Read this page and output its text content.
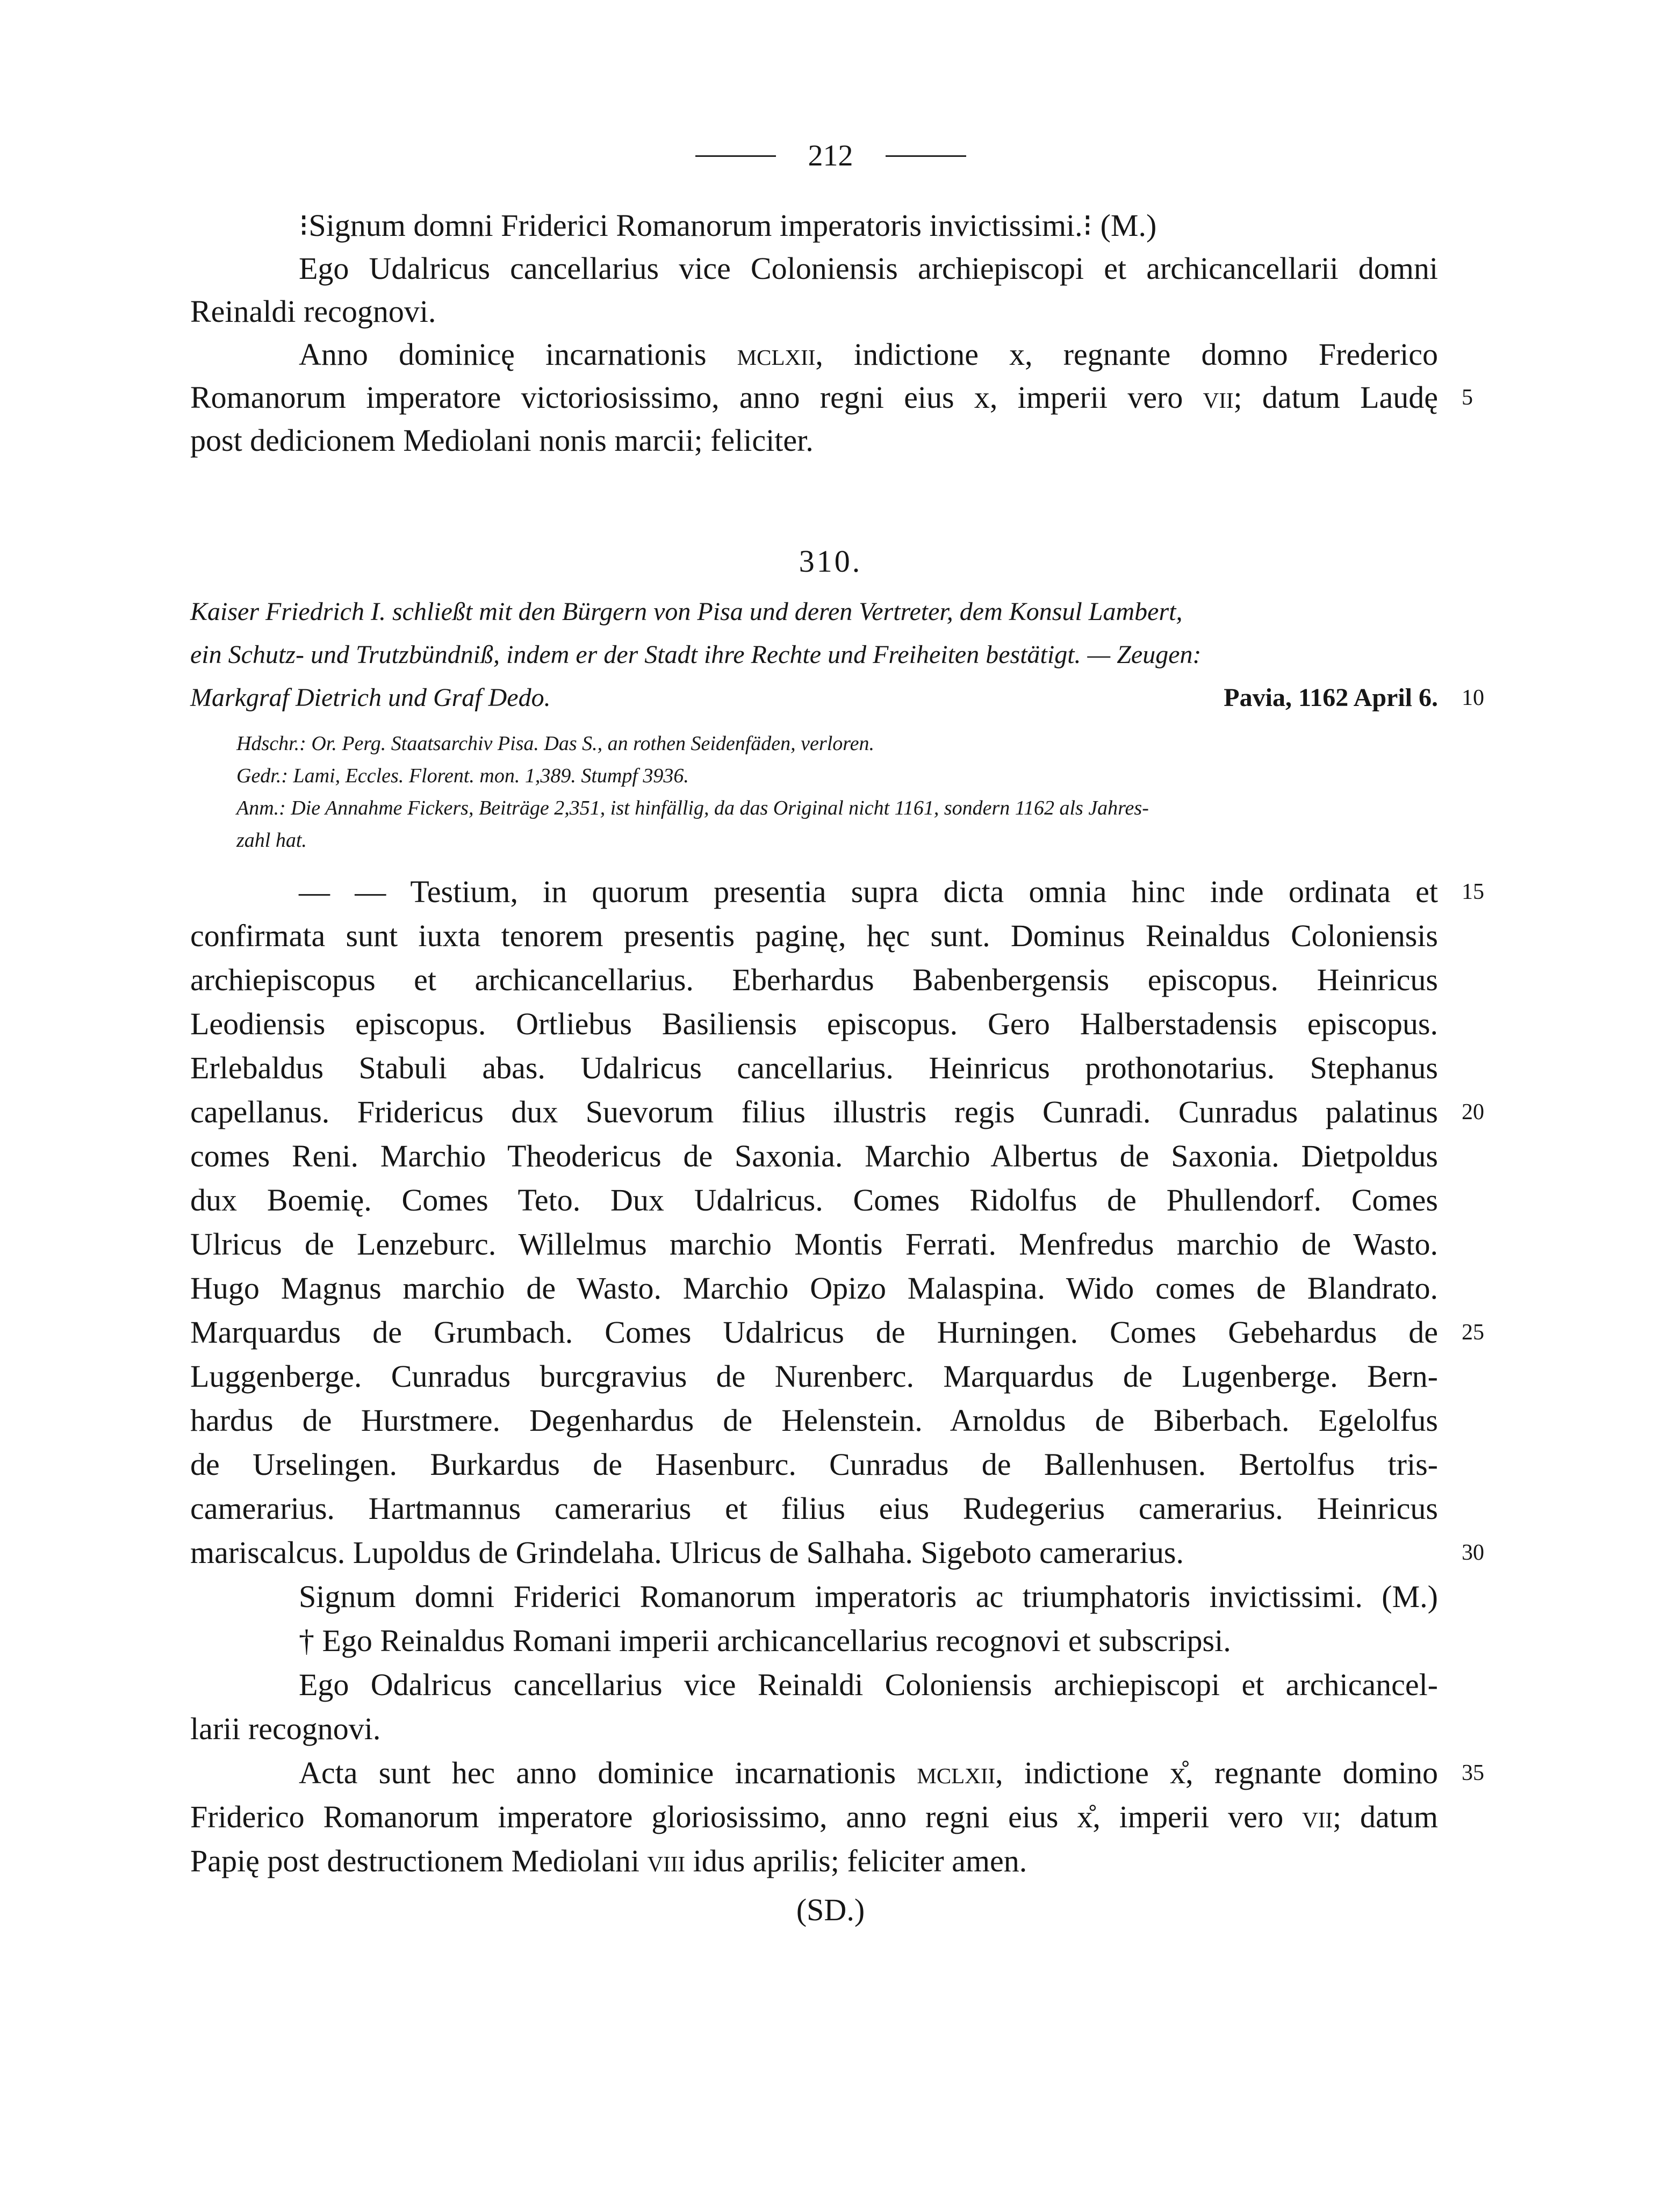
212
⁝Signum domni Friderici Romanorum imperatoris invictissimi.⁝ (M.)
Ego Udalricus cancellarius vice Coloniensis archiepiscopi et archicancellarii domni
Reinaldi recognovi.
Anno dominicę incarnationis mclxii, indictione x, regnante domno Frederico
Romanorum imperatore victoriosissimo, anno regni eius x, imperii vero vii; datum Laudę 5
post dedicionem Mediolani nonis marcii; feliciter.
310.
Kaiser Friedrich I. schließt mit den Bürgern von Pisa und deren Vertreter, dem Konsul Lambert,
ein Schutz- und Trutzbündniß, indem er der Stadt ihre Rechte und Freiheiten bestätigt. — Zeugen:
Markgraf Dietrich und Graf Dedo.	Pavia, 1162 April 6. 10
Hdschr.: Or. Perg. Staatsarchiv Pisa. Das S., an rothen Seidenfäden, verloren.
Gedr.: Lami, Eccles. Florent. mon. 1,389. Stumpf 3936.
Anm.: Die Annahme Fickers, Beiträge 2,351, ist hinfällig, da das Original nicht 1161, sondern 1162 als Jahres-
zahl hat.
— — Testium, in quorum presentia supra dicta omnia hinc inde ordinata et 15
confirmata sunt iuxta tenorem presentis paginę, hęc sunt. Dominus Reinaldus Coloniensis
archiepiscopus et archicancellarius. Eberhardus Babenbergensis episcopus. Heinricus
Leodiensis episcopus. Ortliebus Basiliensis episcopus. Gero Halberstadensis episcopus.
Erlebaldus Stabuli abas. Udalricus cancellarius. Heinricus prothonotarius. Stephanus
capellanus. Fridericus dux Suevorum filius illustris regis Cunradi. Cunradus palatinus 20
comes Reni. Marchio Theodericus de Saxonia. Marchio Albertus de Saxonia. Dietpoldus
dux Boemię. Comes Teto. Dux Udalricus. Comes Ridolfus de Phullendorf. Comes
Ulricus de Lenzeburc. Willelmus marchio Montis Ferrati. Menfredus marchio de Wasto.
Hugo Magnus marchio de Wasto. Marchio Opizo Malaspina. Wido comes de Blandrato.
Marquardus de Grumbach. Comes Udalricus de Hurningen. Comes Gebehardus de 25
Luggenberge. Cunradus burcgravius de Nurenberc. Marquardus de Lugenberge. Bern-
hardus de Hurstmere. Degenhardus de Helenstein. Arnoldus de Biberbach. Egelolfus
de Urselingen. Burkardus de Hasenburc. Cunradus de Ballenhusen. Bertolfus tris-
camerarius. Hartmannus camerarius et filius eius Rudegerius camerarius. Heinricus
mariscalcus. Lupoldus de Grindelaha. Ulricus de Salhaha. Sigeboto camerarius.	30
Signum domni Friderici Romanorum imperatoris ac triumphatoris invictissimi. (M.)
† Ego Reinaldus Romani imperii archicancellarius recognovi et subscripsi.
Ego Odalricus cancellarius vice Reinaldi Coloniensis archiepiscopi et archicancel-
larii recognovi.
Acta sunt hec anno dominice incarnationis mclxii, indictione x̊, regnante domino 35
Friderico Romanorum imperatore gloriosissimo, anno regni eius x̊, imperii vero vii; datum
Papię post destructionem Mediolani viii idus aprilis; feliciter amen.
(SD.)
